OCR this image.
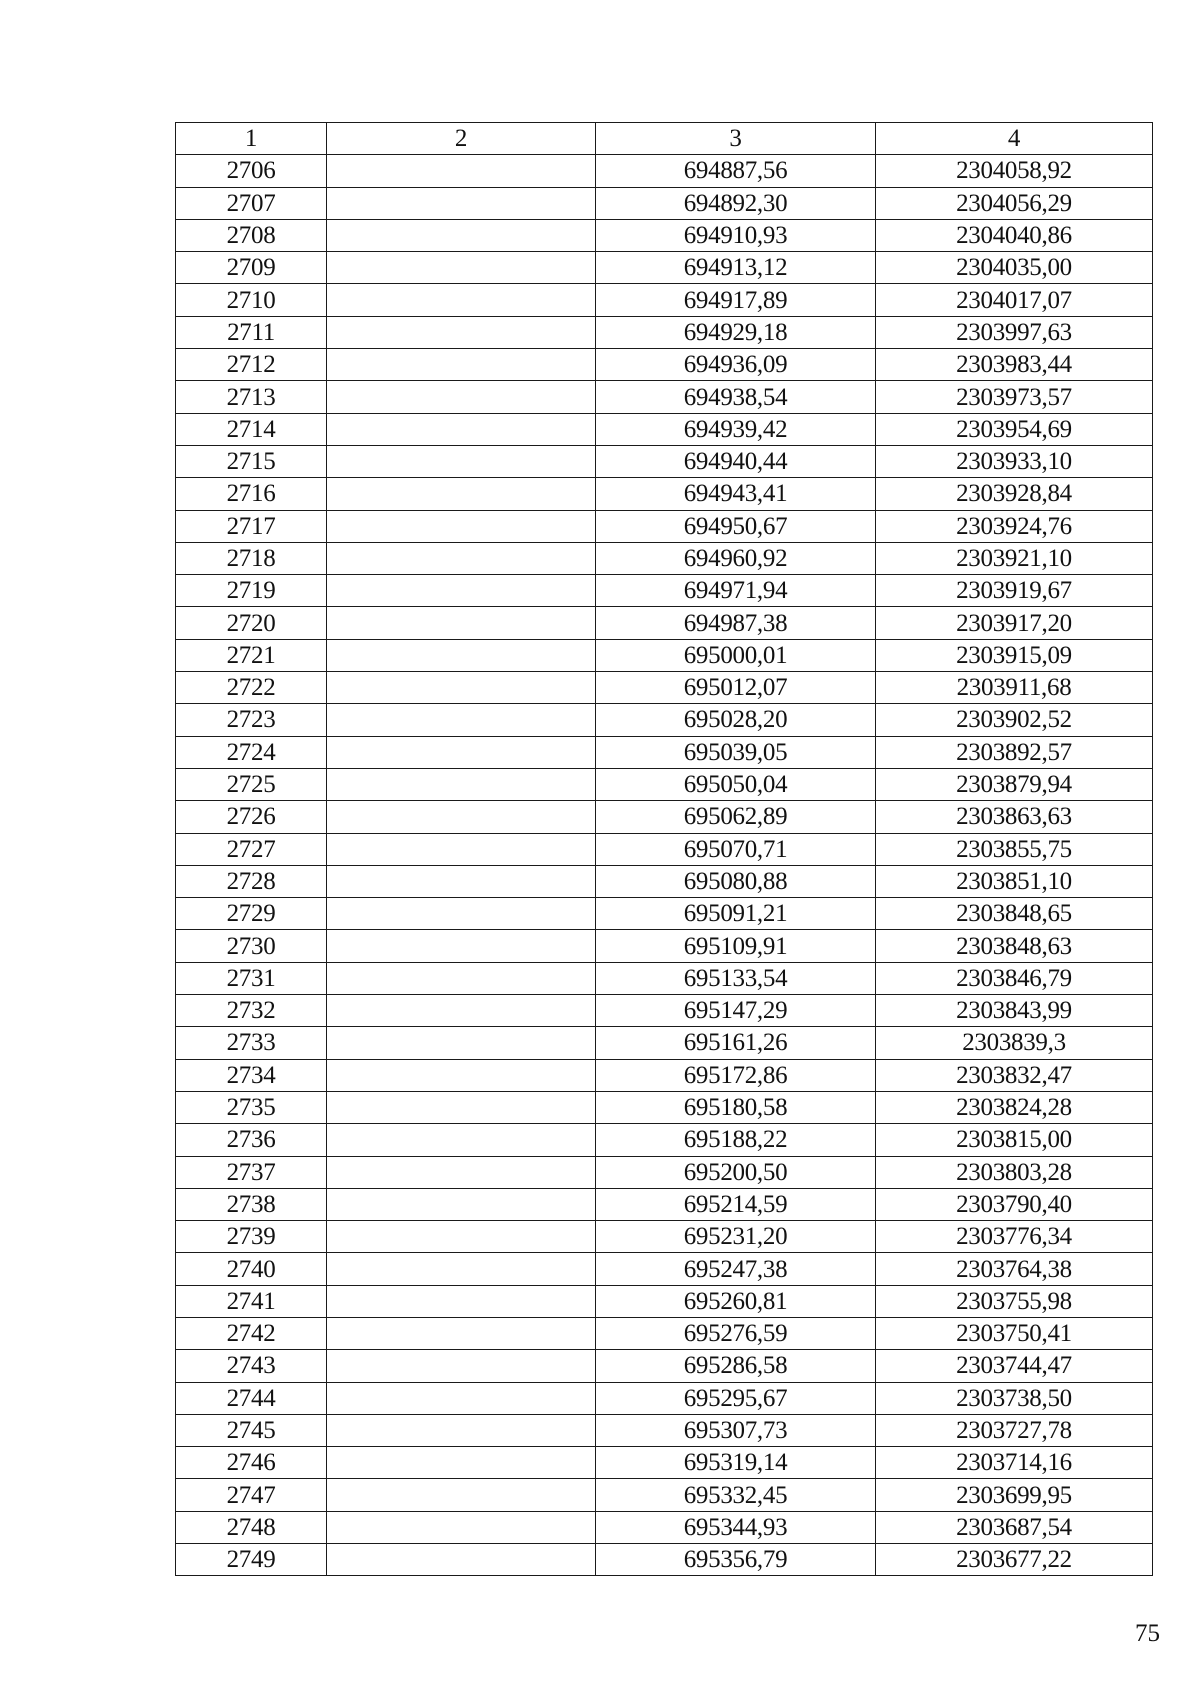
1	2	3	4
2706		694887,56	2304058,92
2707		694892,30	2304056,29
2708		694910,93	2304040,86
2709		694913,12	2304035,00
2710		694917,89	2304017,07
2711		694929,18	2303997,63
2712		694936,09	2303983,44
2713		694938,54	2303973,57
2714		694939,42	2303954,69
2715		694940,44	2303933,10
2716		694943,41	2303928,84
2717		694950,67	2303924,76
2718		694960,92	2303921,10
2719		694971,94	2303919,67
2720		694987,38	2303917,20
2721		695000,01	2303915,09
2722		695012,07	2303911,68
2723		695028,20	2303902,52
2724		695039,05	2303892,57
2725		695050,04	2303879,94
2726		695062,89	2303863,63
2727		695070,71	2303855,75
2728		695080,88	2303851,10
2729		695091,21	2303848,65
2730		695109,91	2303848,63
2731		695133,54	2303846,79
2732		695147,29	2303843,99
2733		695161,26	2303839,3
2734		695172,86	2303832,47
2735		695180,58	2303824,28
2736		695188,22	2303815,00
2737		695200,50	2303803,28
2738		695214,59	2303790,40
2739		695231,20	2303776,34
2740		695247,38	2303764,38
2741		695260,81	2303755,98
2742		695276,59	2303750,41
2743		695286,58	2303744,47
2744		695295,67	2303738,50
2745		695307,73	2303727,78
2746		695319,14	2303714,16
2747		695332,45	2303699,95
2748		695344,93	2303687,54
2749		695356,79	2303677,22
75
